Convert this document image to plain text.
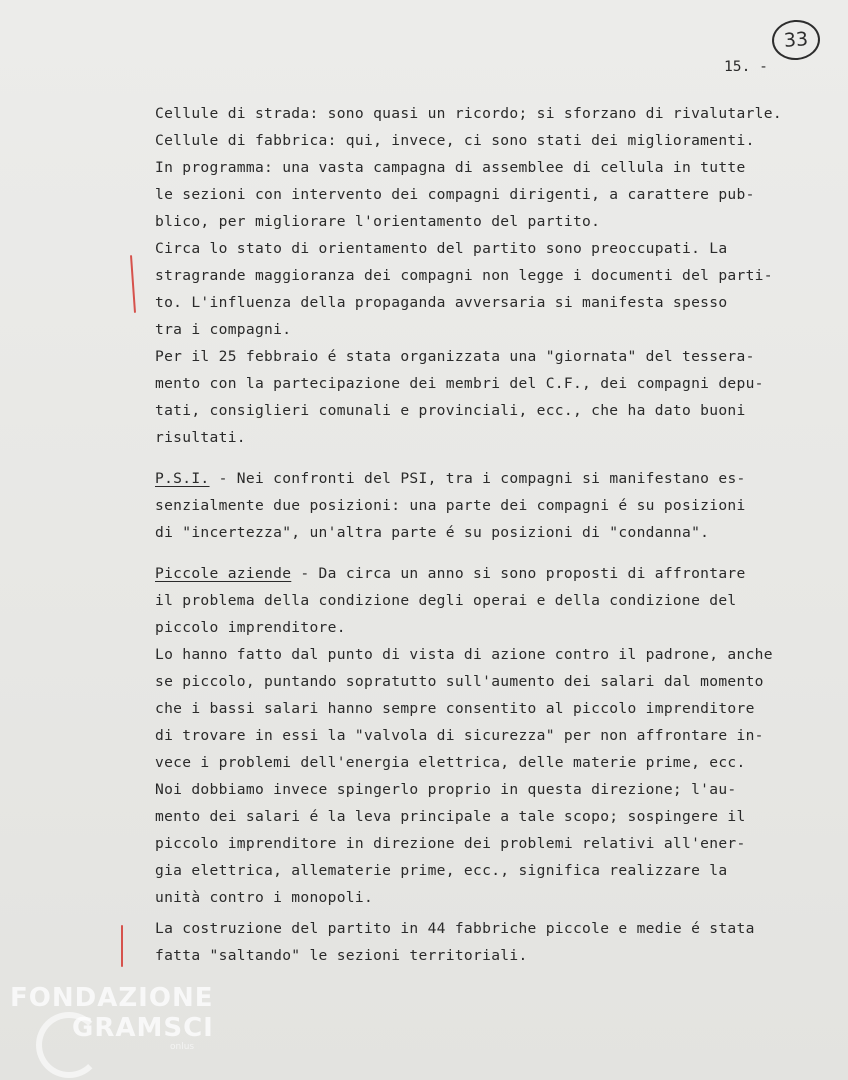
33
15. -
Cellule di strada: sono quasi un ricordo; si sforzano di rivalutarle.
Cellule di fabbrica: qui, invece, ci sono stati dei miglioramenti.
In programma: una vasta campagna di assemblee di cellula in tutte
le sezioni con intervento dei compagni dirigenti, a carattere pub-
blico, per migliorare l'orientamento del partito.
Circa lo stato di orientamento del partito sono preoccupati. La
stragrande maggioranza dei compagni non legge i documenti del parti-
to. L'influenza della propaganda avversaria si manifesta spesso
tra i compagni.
Per il 25 febbraio é stata organizzata una "giornata" del tessera-
mento con la partecipazione dei membri del C.F., dei compagni depu-
tati, consiglieri comunali e provinciali, ecc., che ha dato buoni
risultati.
P.S.I. - Nei confronti del PSI, tra i compagni si manifestano es-
senzialmente due posizioni: una parte dei compagni é su posizioni
di "incertezza", un'altra parte é su posizioni di "condanna".
Piccole aziende - Da circa un anno si sono proposti di affrontare
il problema della condizione degli operai e della condizione del
piccolo imprenditore.
Lo hanno fatto dal punto di vista di azione contro il padrone, anche
se piccolo, puntando sopratutto sull'aumento dei salari dal momento
che i bassi salari hanno sempre consentito al piccolo imprenditore
di trovare in essi la "valvola di sicurezza" per non affrontare in-
vece i problemi dell'energia elettrica, delle materie prime, ecc.
Noi dobbiamo invece spingerlo proprio in questa direzione; l'au-
mento dei salari é la leva principale a tale scopo; sospingere il
piccolo imprenditore in direzione dei problemi relativi all'ener-
gia elettrica, allematerie prime, ecc., significa realizzare la
unità contro i monopoli.
La costruzione del partito in 44 fabbriche piccole e medie é stata
fatta "saltando" le sezioni territoriali.
FONDAZIONE
GRAMSCI
onlus
